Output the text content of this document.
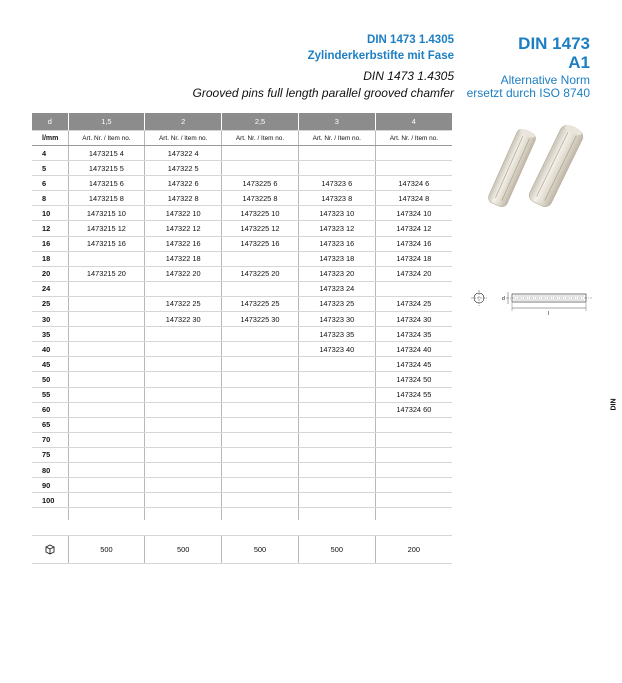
DIN 1473 1.4305
Zylinderkerbstifte mit Fase
DIN 1473 1.4305
Grooved pins full length parallel grooved chamfer
DIN 1473
A1
Alternative Norm
ersetzt durch ISO 8740
DIN
d	1,5	2	2,5	3	4
l/mm	Art. Nr. / Item no.	Art. Nr. / Item no.	Art. Nr. / Item no.	Art. Nr. / Item no.	Art. Nr. / Item no.
4	1473215 4	147322 4			
5	1473215 5	147322 5			
6	1473215 6	147322 6	1473225 6	147323 6	147324 6
8	1473215 8	147322 8	1473225 8	147323 8	147324 8
10	1473215 10	147322 10	1473225 10	147323 10	147324 10
12	1473215 12	147322 12	1473225 12	147323 12	147324 12
16	1473215 16	147322 16	1473225 16	147323 16	147324 16
18		147322 18		147323 18	147324 18
20	1473215 20	147322 20	1473225 20	147323 20	147324 20
24				147323 24	
25		147322 25	1473225 25	147323 25	147324 25
30		147322 30	1473225 30	147323 30	147324 30
35				147323 35	147324 35
40				147323 40	147324 40
45					147324 45
50					147324 50
55					147324 55
60					147324 60
65					
70					
75					
80					
90					
100					

	500	500	500	500	200
d
l
